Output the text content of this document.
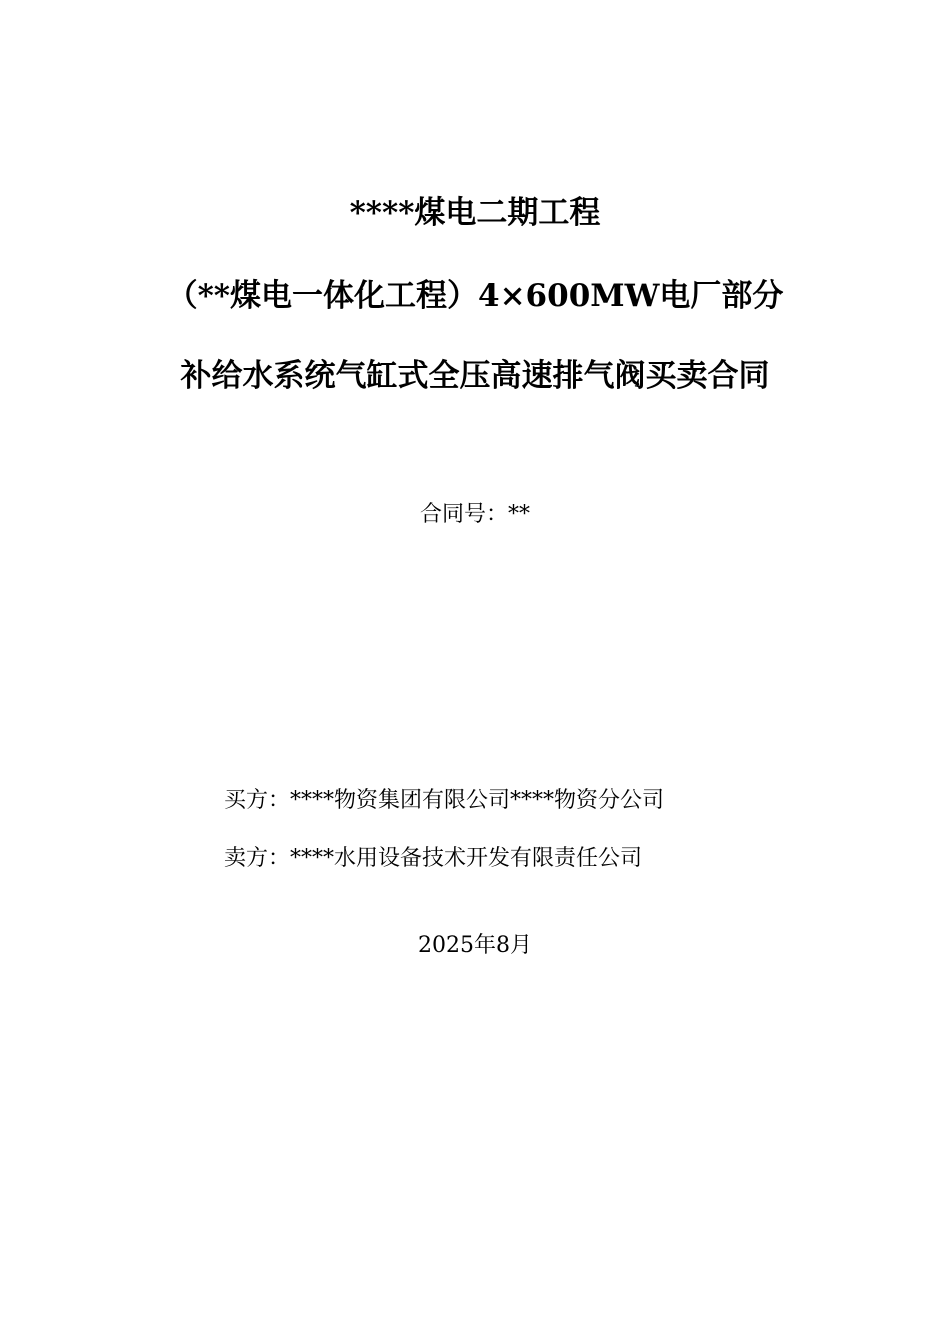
****煤电二期工程
（**煤电一体化工程）4×600MW电厂部分
补给水系统气缸式全压高速排气阀买卖合同
合同号：**
买方：****物资集团有限公司****物资分公司
卖方：****水用设备技术开发有限责任公司
2025年8月
